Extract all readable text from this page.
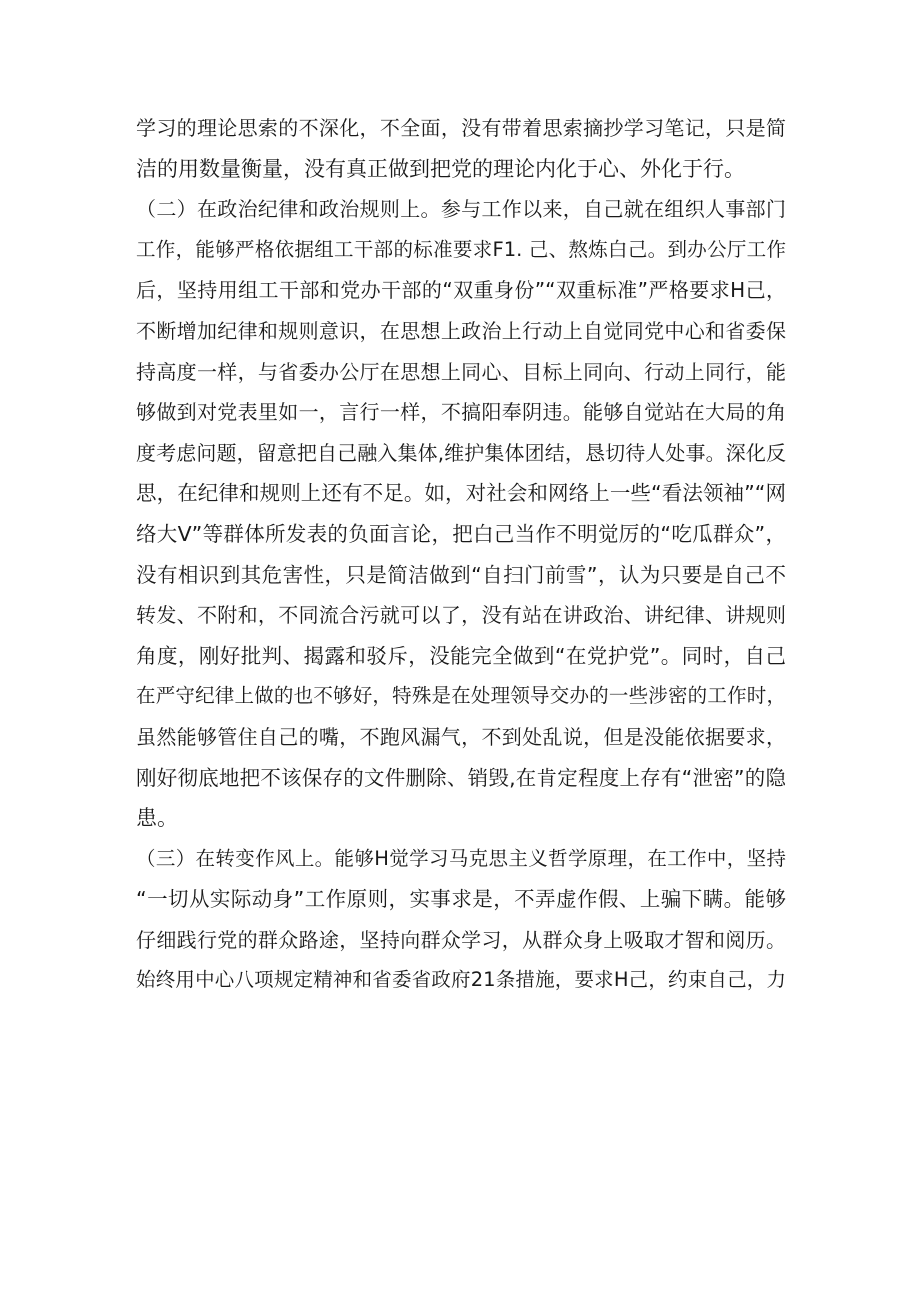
学习的理论思索的不深化，不全面，没有带着思索摘抄学习笔记，只是简
洁的用数量衡量，没有真正做到把党的理论内化于心、外化于行。
（二）在政治纪律和政治规则上。参与工作以来，自己就在组织人事部门
工作，能够严格依据组工干部的标准要求F1. 己、熬炼白己。到办公厅工作
后，坚持用组工干部和党办干部的“双重身份”“双重标准”严格要求H己，
不断增加纪律和规则意识，在思想上政治上行动上自觉同党中心和省委保
持高度一样，与省委办公厅在思想上同心、目标上同向、行动上同行，能
够做到对党表里如一，言行一样，不搞阳奉阴违。能够自觉站在大局的角
度考虑问题，留意把自己融入集体,维护集体团结，恳切待人处事。深化反
思，在纪律和规则上还有不足。如，对社会和网络上一些“看法领袖”“网
络大V”等群体所发表的负面言论，把白己当作不明觉厉的“吃瓜群众”，
没有相识到其危害性，只是简洁做到“自扫门前雪”，认为只要是自己不
转发、不附和，不同流合污就可以了，没有站在讲政治、讲纪律、讲规则
角度，刚好批判、揭露和驳斥，没能完全做到“在党护党”。同时，自己
在严守纪律上做的也不够好，特殊是在处理领导交办的一些涉密的工作时，
虽然能够管住自己的嘴，不跑风漏气，不到处乱说，但是没能依据要求，
刚好彻底地把不该保存的文件删除、销毁,在肯定程度上存有“泄密”的隐
患。
（三）在转变作风上。能够H觉学习马克思主义哲学原理，在工作中，坚持
“一切从实际动身”工作原则，实事求是，不弄虚作假、上骗下瞒。能够
仔细践行党的群众路途，坚持向群众学习，从群众身上吸取才智和阅历。
始终用中心八项规定精神和省委省政府21条措施，要求H己，约束自己，力
